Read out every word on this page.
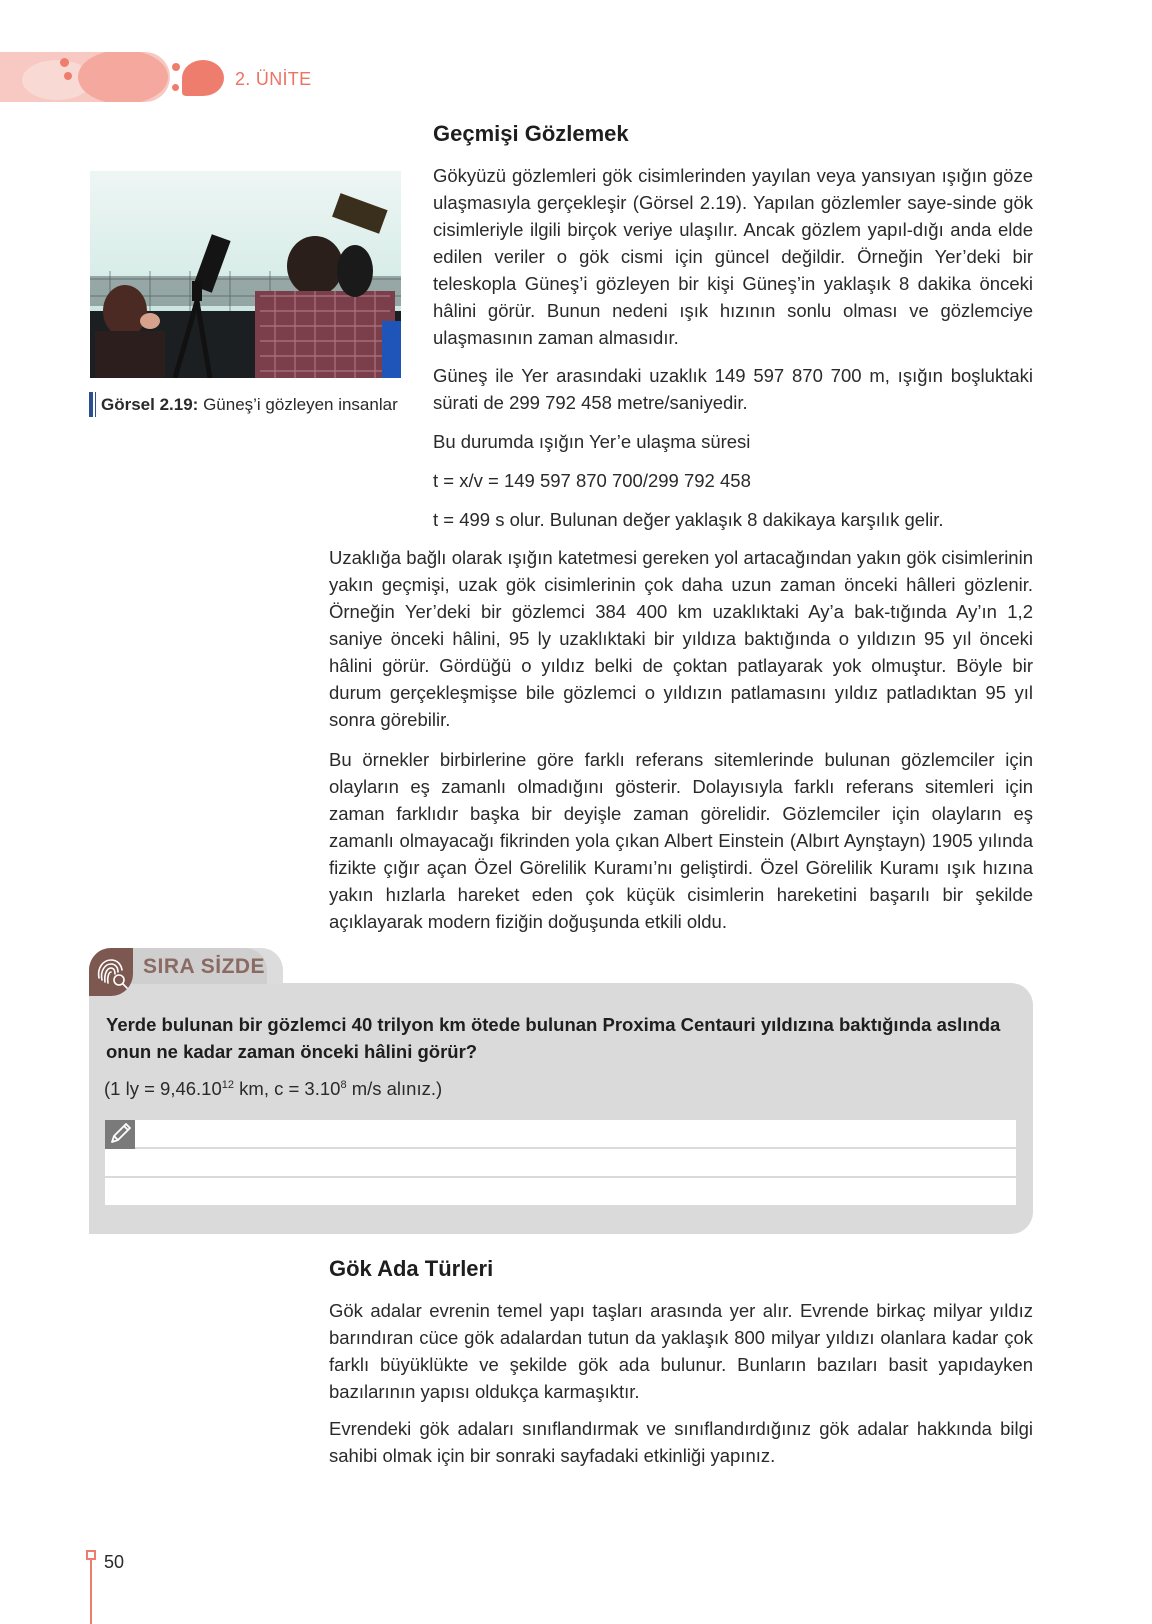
2. ÜNİTE
Geçmişi Gözlemek
Görsel 2.19: Güneş’i gözleyen insanlar

Gökyüzü gözlemleri gök cisimlerinden yayılan veya yansıyan ışığın göze ulaşmasıyla gerçekleşir (Görsel 2.19). Yapılan gözlemler saye-sinde gök cisimleriyle ilgili birçok veriye ulaşılır. Ancak gözlem yapıl-dığı anda elde edilen veriler o gök cismi için güncel değildir. Örneğin Yer’deki bir teleskopla Güneş’i gözleyen bir kişi Güneş’in yaklaşık 8 dakika önceki hâlini görür. Bunun nedeni ışık hızının sonlu olması ve gözlemciye ulaşmasının zaman almasıdır.

Güneş ile Yer arasındaki uzaklık 149 597 870 700 m, ışığın boşluktaki sürati de 299 792 458 metre/saniyedir.

Bu durumda ışığın Yer’e ulaşma süresi

t = x/v = 149 597 870 700/299 792 458

t = 499 s olur. Bulunan değer yaklaşık 8 dakikaya karşılık gelir.

Uzaklığa bağlı olarak ışığın katetmesi gereken yol artacağından yakın gök cisimlerinin yakın geçmişi, uzak gök cisimlerinin çok daha uzun zaman önceki hâlleri gözlenir. Örneğin Yer’deki bir gözlemci 384 400 km uzaklıktaki Ay’a bak-tığında Ay’ın 1,2 saniye önceki hâlini, 95 ly uzaklıktaki bir yıldıza baktığında o yıldızın 95 yıl önceki hâlini görür. Gördüğü o yıldız belki de çoktan patlayarak yok olmuştur. Böyle bir durum gerçekleşmişse bile gözlemci o yıldızın patlamasını yıldız patladıktan 95 yıl sonra görebilir.

Bu örnekler birbirlerine göre farklı referans sitemlerinde bulunan gözlemciler için olayların eş zamanlı olmadığını gösterir. Dolayısıyla farklı referans sitemleri için zaman farklıdır başka bir deyişle zaman görelidir. Gözlemciler için olayların eş zamanlı olmayacağı fikrinden yola çıkan Albert Einstein (Albırt Aynştayn) 1905 yılında fizikte çığır açan Özel Görelilik Kuramı’nı geliştirdi. Özel Görelilik Kuramı ışık hızına yakın hızlarla hareket eden çok küçük cisimlerin hareketini başarılı bir şekilde açıklayarak modern fiziğin doğuşunda etkili oldu.

SIRA SİZDE

Yerde bulunan bir gözlemci 40 trilyon km ötede bulunan Proxima Centauri yıldızına baktığında aslında onun ne kadar zaman önceki hâlini görür?

(1 ly = $9,46.10^{12}$ km, $c = 3.10^8$ m/s alınız.)
Gök Ada Türleri

Gök adalar evrenin temel yapı taşları arasında yer alır. Evrende birkaç milyar yıldız barındıran cüce gök adalardan tutun da yaklaşık 800 milyar yıldızı olanlara kadar çok farklı büyüklükte ve şekilde gök ada bulunur. Bunların bazıları basit yapıdayken bazılarının yapısı oldukça karmaşıktır.

Evrendeki gök adaları sınıflandırmak ve sınıflandırdığınız gök adalar hakkında bilgi sahibi olmak için bir sonraki sayfadaki etkinliği yapınız.

50
